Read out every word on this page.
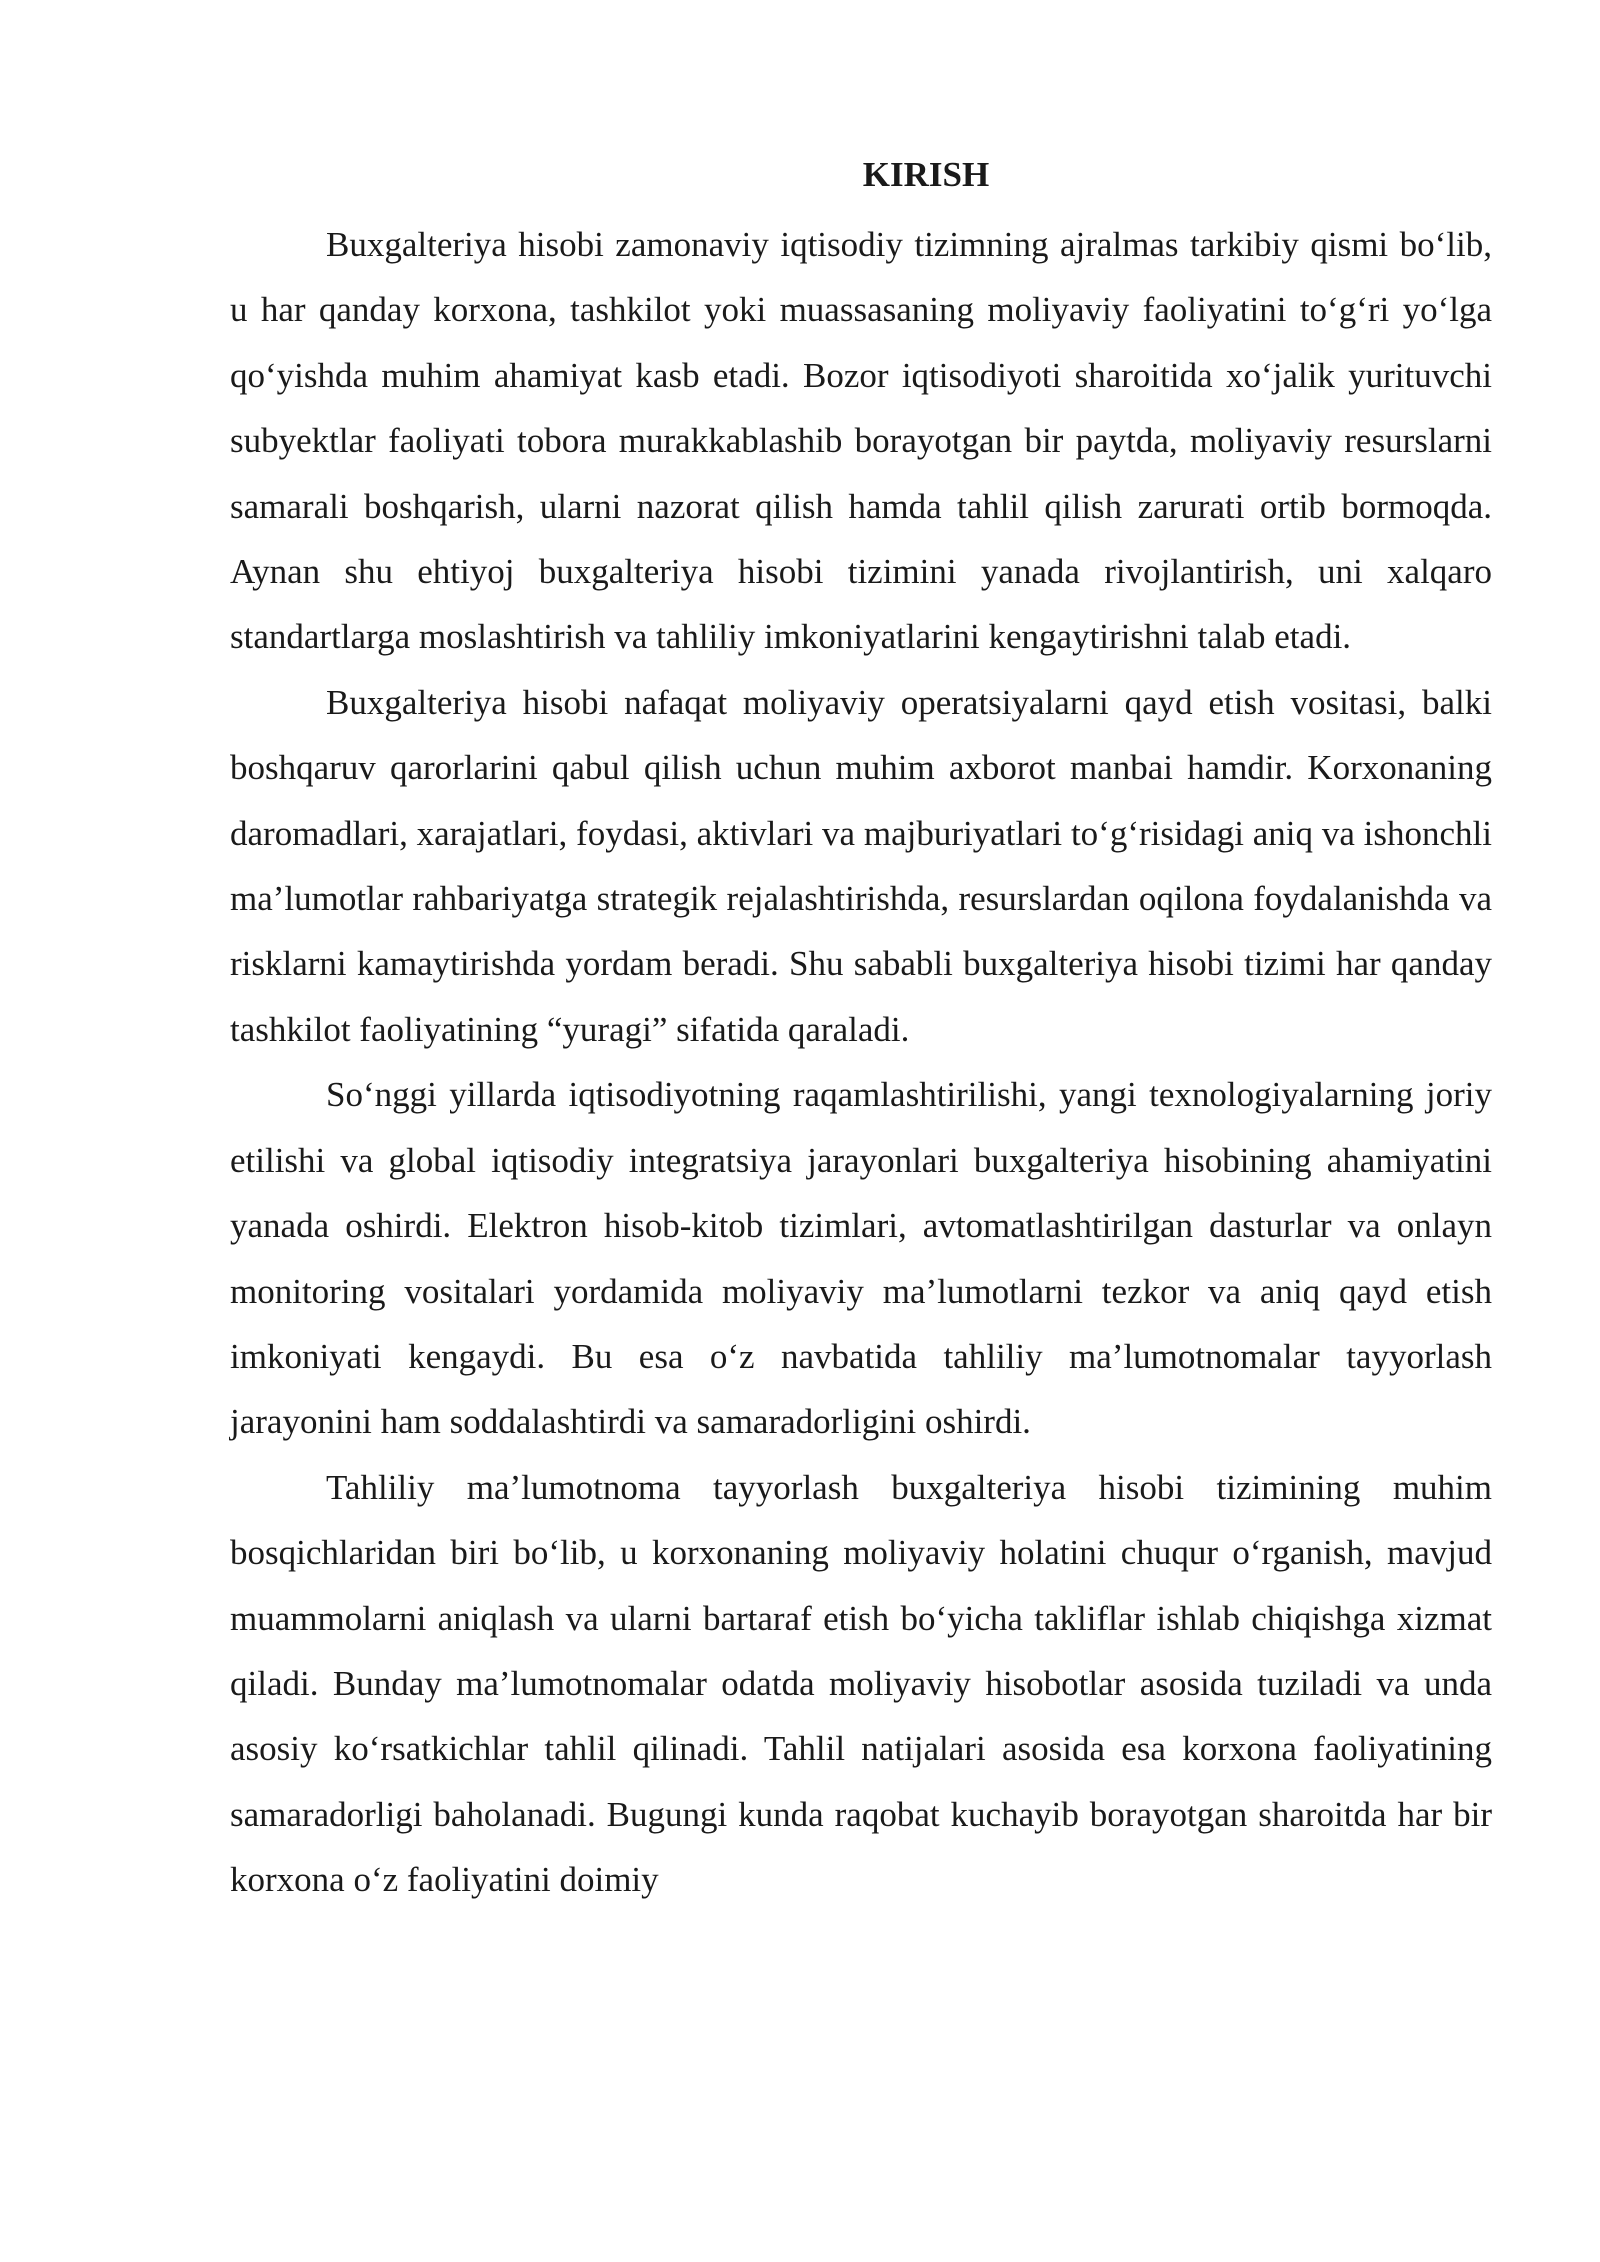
KIRISH

Buxgalteriya hisobi zamonaviy iqtisodiy tizimning ajralmas tarkibiy qismi bo‘lib, u har qanday korxona, tashkilot yoki muassasaning moliyaviy faoliyatini to‘g‘ri yo‘lga qo‘yishda muhim ahamiyat kasb etadi. Bozor iqtisodiyoti sharoitida xo‘jalik yurituvchi subyektlar faoliyati tobora murakkablashib borayotgan bir paytda, moliyaviy resurslarni samarali boshqarish, ularni nazorat qilish hamda tahlil qilish zarurati ortib bormoqda. Aynan shu ehtiyoj buxgalteriya hisobi tizimini yanada rivojlantirish, uni xalqaro standartlarga moslashtirish va tahliliy imkoniyatlarini kengaytirishni talab etadi.

Buxgalteriya hisobi nafaqat moliyaviy operatsiyalarni qayd etish vositasi, balki boshqaruv qarorlarini qabul qilish uchun muhim axborot manbai hamdir. Korxonaning daromadlari, xarajatlari, foydasi, aktivlari va majburiyatlari to‘g‘risidagi aniq va ishonchli ma’lumotlar rahbariyatga strategik rejalashtirishda, resurslardan oqilona foydalanishda va risklarni kamaytirishda yordam beradi. Shu sababli buxgalteriya hisobi tizimi har qanday tashkilot faoliyatining “yuragi” sifatida qaraladi.

So‘nggi yillarda iqtisodiyotning raqamlashtirilishi, yangi texnologiyalarning joriy etilishi va global iqtisodiy integratsiya jarayonlari buxgalteriya hisobining ahamiyatini yanada oshirdi. Elektron hisob-kitob tizimlari, avtomatlashtirilgan dasturlar va onlayn monitoring vositalari yordamida moliyaviy ma’lumotlarni tezkor va aniq qayd etish imkoniyati kengaydi. Bu esa o‘z navbatida tahliliy ma’lumotnomalar tayyorlash jarayonini ham soddalashtirdi va samaradorligini oshirdi.

Tahliliy ma’lumotnoma tayyorlash buxgalteriya hisobi tizimining muhim bosqichlaridan biri bo‘lib, u korxonaning moliyaviy holatini chuqur o‘rganish, mavjud muammolarni aniqlash va ularni bartaraf etish bo‘yicha takliflar ishlab chiqishga xizmat qiladi. Bunday ma’lumotnomalar odatda moliyaviy hisobotlar asosida tuziladi va unda asosiy ko‘rsatkichlar tahlil qilinadi. Tahlil natijalari asosida esa korxona faoliyatining samaradorligi baholanadi. Bugungi kunda raqobat kuchayib borayotgan sharoitda har bir korxona o‘z faoliyatini doimiy
